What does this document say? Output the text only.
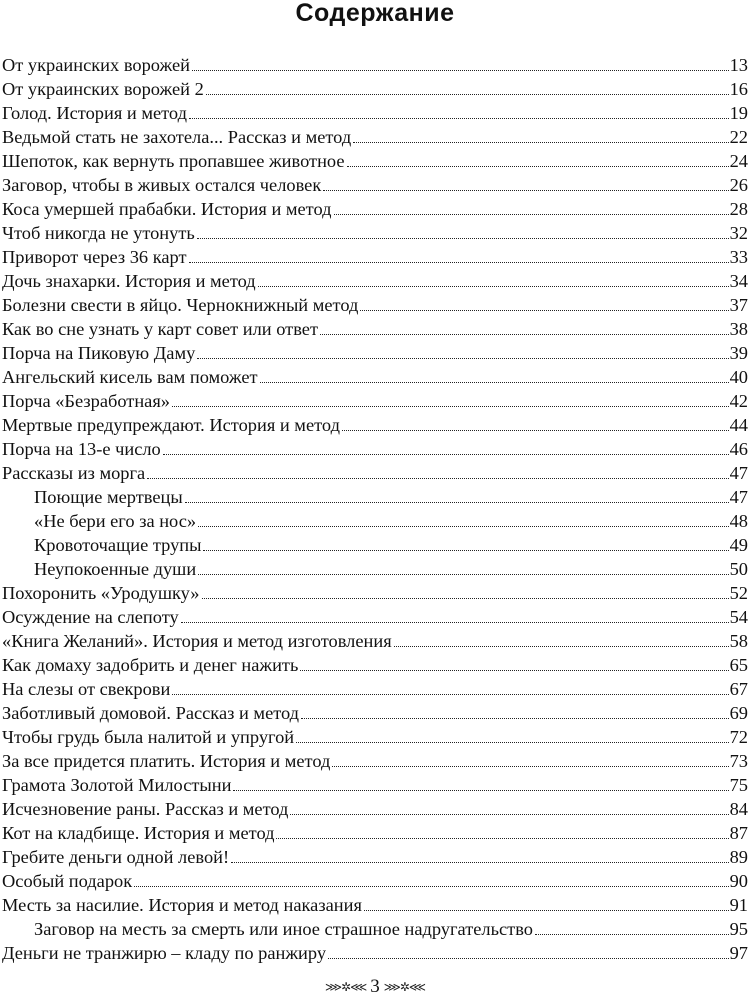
Содержание
От украинских ворожей	13
От украинских ворожей 2	16
Голод. История и метод	19
Ведьмой стать не захотела... Рассказ и метод	22
Шепоток, как вернуть пропавшее животное	24
Заговор, чтобы в живых остался человек	26
Коса умершей прабабки. История и метод	28
Чтоб никогда не утонуть	32
Приворот через 36 карт	33
Дочь знахарки. История и метод	34
Болезни свести в яйцо. Чернокнижный метод	37
Как во сне узнать у карт совет или ответ	38
Порча на Пиковую Даму	39
Ангельский кисель вам поможет	40
Порча «Безработная»	42
Мертвые предупреждают. История и метод	44
Порча на 13-е число	46
Рассказы из морга	47
Поющие мертвецы	47
«Не бери его за нос»	48
Кровоточащие трупы	49
Неупокоенные души	50
Похоронить «Уродушку»	52
Осуждение на слепоту	54
«Книга Желаний». История и метод изготовления	58
Как домаху задобрить и денег нажить	65
На слезы от свекрови	67
Заботливый домовой. Рассказ и метод	69
Чтобы грудь была налитой и упругой	72
За все придется платить. История и метод	73
Грамота Золотой Милостыни	75
Исчезновение раны. Рассказ и метод	84
Кот на кладбище. История и метод	87
Гребите деньги одной левой!	89
Особый подарок	90
Месть за насилие. История и метод наказания	91
Заговор на месть за смерть или иное страшное надругательство	95
Деньги не транжирю – кладу по ранжиру	97
⋙✲⋘ 3 ⋙✲⋘
